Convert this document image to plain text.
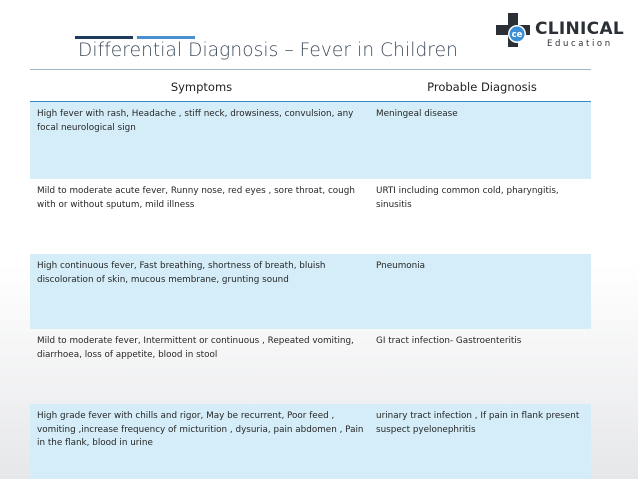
Differential Diagnosis – Fever in Children
ce CLINICAL
Education
Symptoms	Probable Diagnosis
High fever with rash, Headache , stiff neck, drowsiness, convulsion, any focal neurological sign
Meningeal disease
Mild to moderate acute fever, Runny nose, red eyes , sore throat, cough with or without sputum, mild illness
URTI including common cold, pharyngitis, sinusitis
High continuous fever, Fast breathing, shortness of breath, bluish discoloration of skin, mucous membrane, grunting sound
Pneumonia
Mild to moderate fever, Intermittent or continuous , Repeated vomiting, diarrhoea, loss of appetite, blood in stool
GI tract infection- Gastroenteritis
High grade fever with chills and rigor, May be recurrent, Poor feed , vomiting ,increase frequency of micturition , dysuria, pain abdomen , Pain in the flank, blood in urine
urinary tract infection , If pain in flank present suspect pyelonephritis
